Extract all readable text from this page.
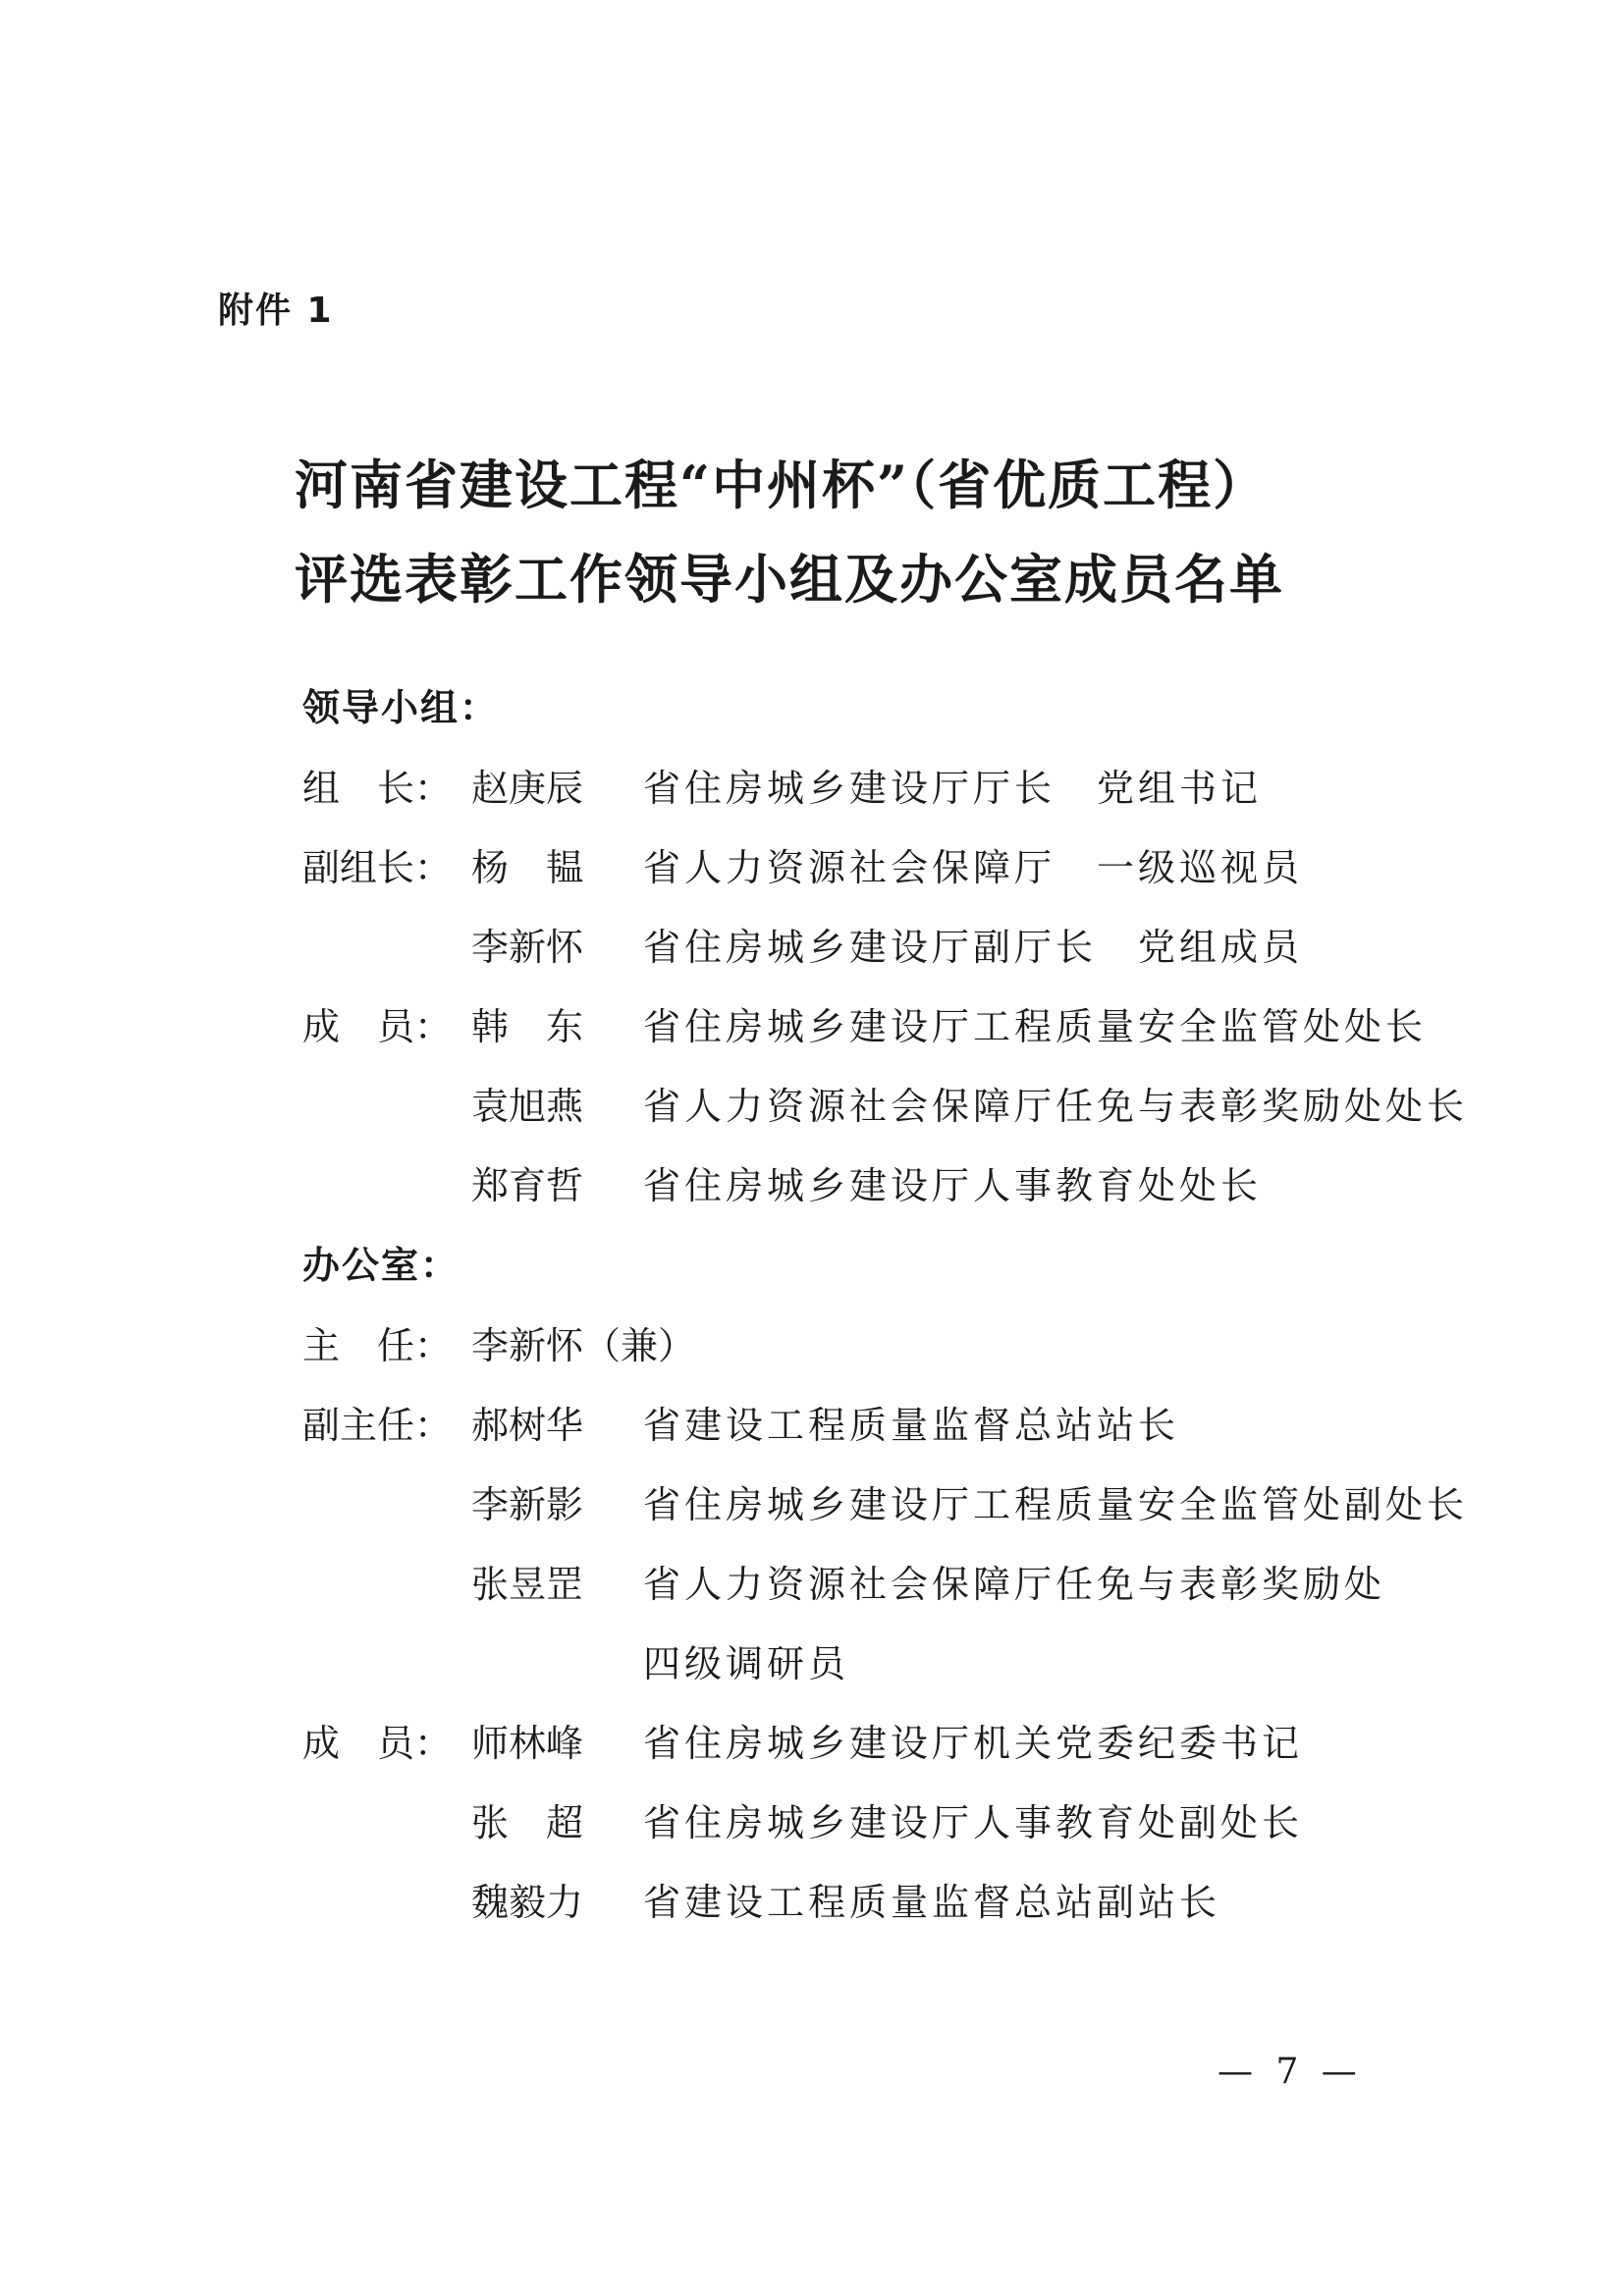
附件 1
河南省建设工程“中州杯”（省优质工程）
评选表彰工作领导小组及办公室成员名单
领导小组：
组　长： 赵庚辰 省住房城乡建设厅厅长　党组书记
副组长： 杨　韫 省人力资源社会保障厅　一级巡视员
李新怀 省住房城乡建设厅副厅长　党组成员
成　员： 韩　东 省住房城乡建设厅工程质量安全监管处处长
袁旭燕 省人力资源社会保障厅任免与表彰奖励处处长
郑育哲 省住房城乡建设厅人事教育处处长
办公室：
主　任： 李新怀（兼）
副主任： 郝树华 省建设工程质量监督总站站长
李新影 省住房城乡建设厅工程质量安全监管处副处长
张昱罡 省人力资源社会保障厅任免与表彰奖励处
四级调研员
成　员： 师林峰 省住房城乡建设厅机关党委纪委书记
张　超 省住房城乡建设厅人事教育处副处长
魏毅力 省建设工程质量监督总站副站长
— 7 —
